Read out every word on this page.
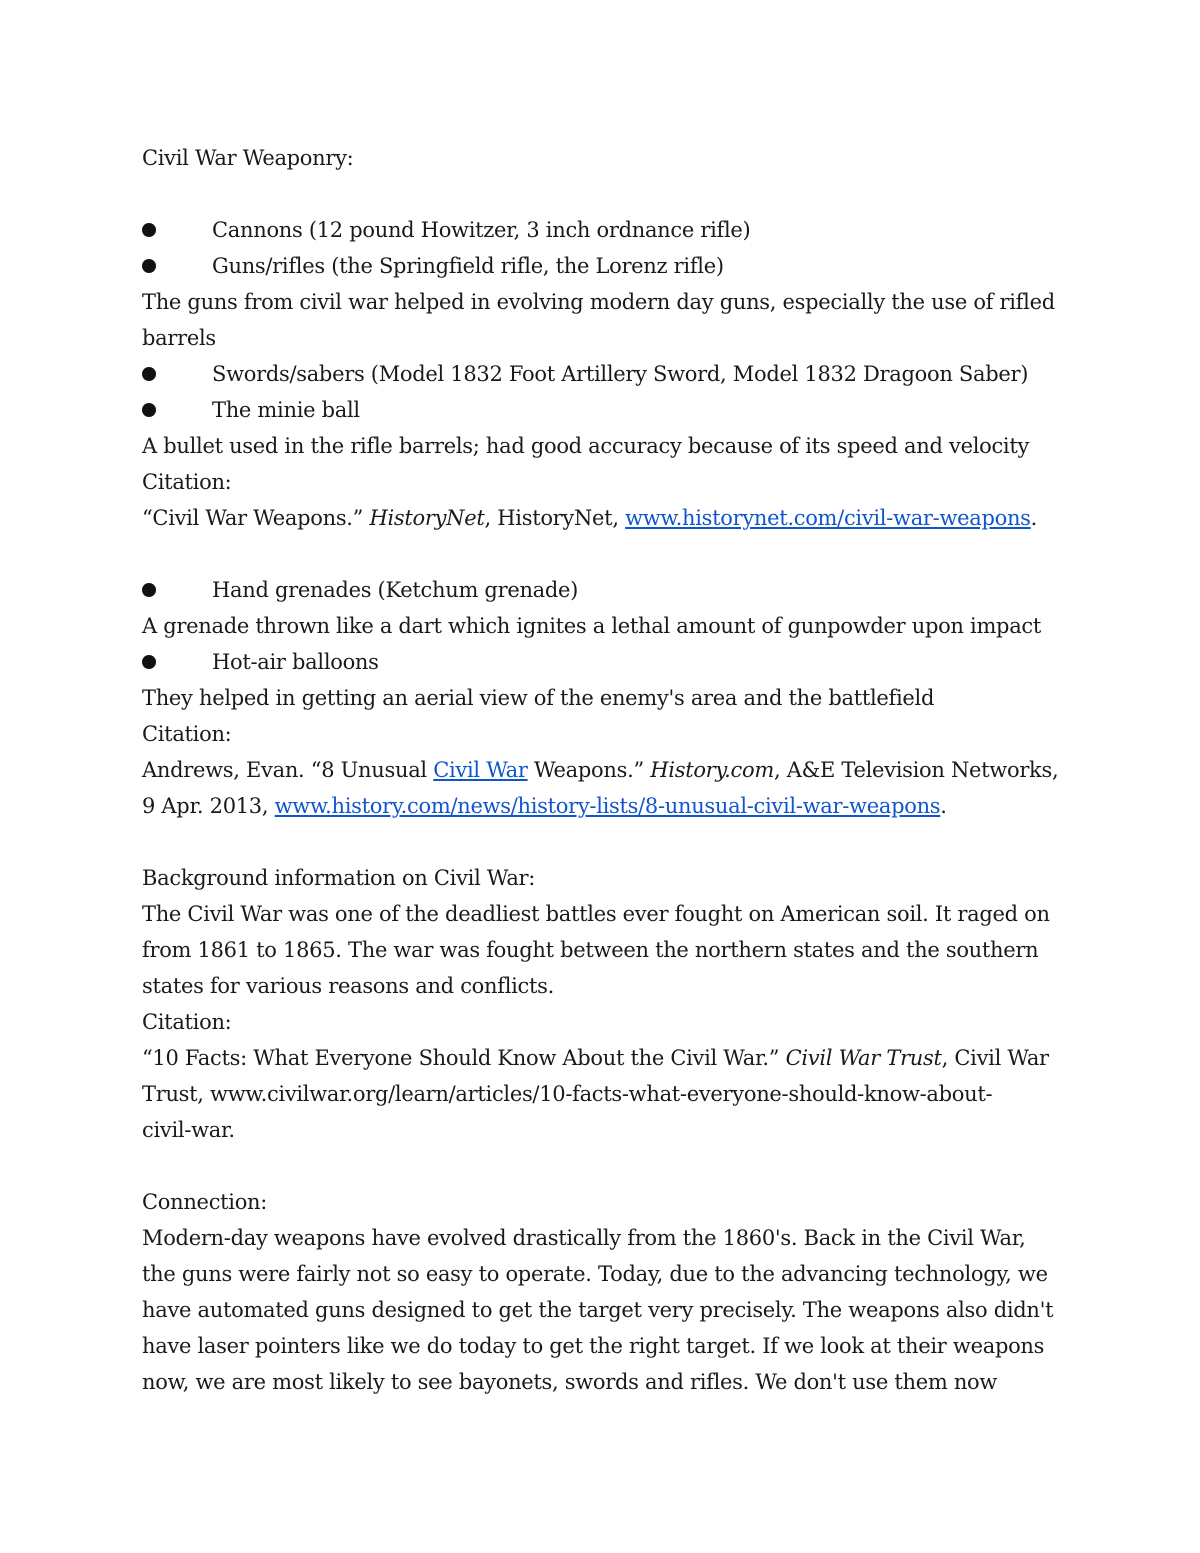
Civil War Weaponry:
Cannons (12 pound Howitzer, 3 inch ordnance rifle)
Guns/rifles (the Springfield rifle, the Lorenz rifle)
The guns from civil war helped in evolving modern day guns, especially the use of rifled barrels
Swords/sabers (Model 1832 Foot Artillery Sword, Model 1832 Dragoon Saber)
The minie ball
A bullet used in the rifle barrels; had good accuracy because of its speed and velocity
Citation:
“Civil War Weapons.” HistoryNet, HistoryNet, www.historynet.com/civil-war-weapons.
Hand grenades (Ketchum grenade)
A grenade thrown like a dart which ignites a lethal amount of gunpowder upon impact
Hot-air balloons
They helped in getting an aerial view of the enemy's area and the battlefield
Citation:
Andrews, Evan. “8 Unusual Civil War Weapons.” History.com, A&E Television Networks,
9 Apr. 2013, www.history.com/news/history-lists/8-unusual-civil-war-weapons.
Background information on Civil War:
The Civil War was one of the deadliest battles ever fought on American soil. It raged on
from 1861 to 1865. The war was fought between the northern states and the southern
states for various reasons and conflicts.
Citation:
“10 Facts: What Everyone Should Know About the Civil War.” Civil War Trust, Civil War
Trust, www.civilwar.org/learn/articles/10-facts-what-everyone-should-know-about-
civil-war.
Connection:
Modern-day weapons have evolved drastically from the 1860's. Back in the Civil War,
the guns were fairly not so easy to operate. Today, due to the advancing technology, we
have automated guns designed to get the target very precisely. The weapons also didn't
have laser pointers like we do today to get the right target. If we look at their weapons
now, we are most likely to see bayonets, swords and rifles. We don't use them now
